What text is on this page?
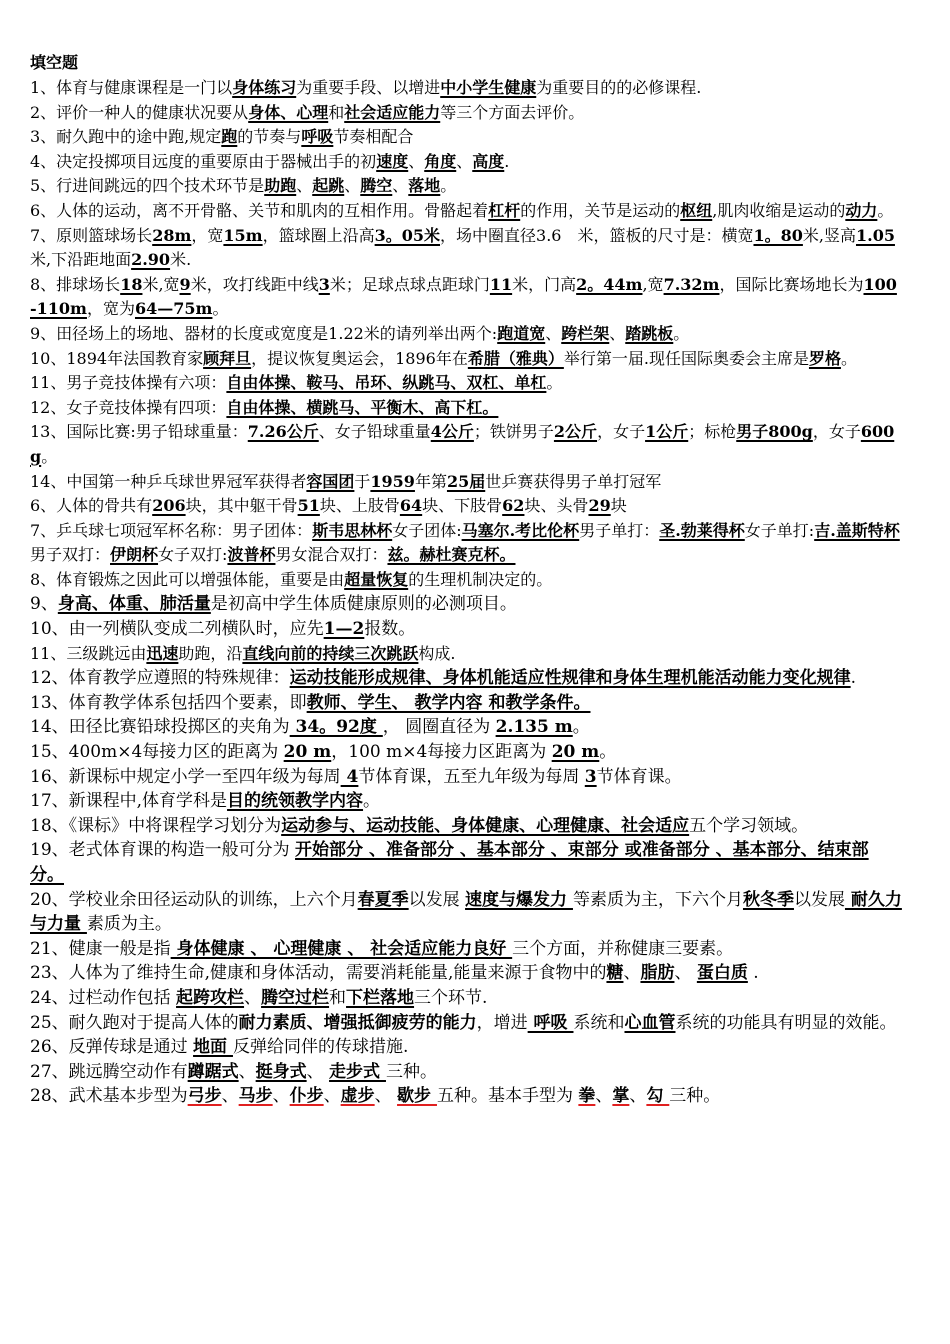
填空题

1、体育与健康课程是一门以身体练习为重要手段、以增进中小学生健康为重要目的的必修课程.

2、评价一种人的健康状况要从身体、心理和社会适应能力等三个方面去评价。

3、耐久跑中的途中跑,规定跑的节奏与呼吸节奏相配合

4、决定投掷项目远度的重要原由于器械出手的初速度、角度、高度.

5、行进间跳远的四个技术环节是助跑、起跳、腾空、落地。

6、人体的运动，离不开骨骼、关节和肌肉的互相作用。骨骼起着杠杆的作用，关节是运动的枢纽,肌肉收缩是运动的动力。

7、原则篮球场长28m，宽15m，篮球圈上沿高3。05米，场中圈直径3.6　米，篮板的尺寸是：横宽1。80米,竖高1.05米,下沿距地面2.90米.

8、排球场长18米,宽9米，攻打线距中线3米；足球点球点距球门11米，门高2。44m,宽7.32m，国际比赛场地长为100-110m，宽为64—75m。

9、田径场上的场地、器材的长度或宽度是1.22米的请列举出两个:跑道宽、跨栏架、踏跳板。

10、1894年法国教育家顾拜旦，提议恢复奥运会，1896年在希腊（雅典）举行第一届.现任国际奥委会主席是罗格。

11、男子竞技体操有六项：自由体操、鞍马、吊环、纵跳马、双杠、单杠。

12、女子竞技体操有四项：自由体操、横跳马、平衡木、高下杠。

13、国际比赛:男子铅球重量：7.26公斤、女子铅球重量4公斤；铁饼男子2公斤，女子1公斤；标枪男子800g，女子600g。

14、中国第一种乒乓球世界冠军获得者容国团于1959年第25届世乒赛获得男子单打冠军

6、人体的骨共有206块，其中躯干骨51块、上肢骨64块、下肢骨62块、头骨29块

7、乒乓球七项冠军杯名称：男子团体：斯韦思林杯女子团体:马塞尔.考比伦杯男子单打：圣.勃莱得杯女子单打:吉.盖斯特杯男子双打：伊朗杯女子双打:波普杯男女混合双打：兹。赫杜赛克杯。

8、体育锻炼之因此可以增强体能，重要是由超量恢复的生理机制决定的。

9、身高、体重、肺活量是初高中学生体质健康原则的必测项目。

10、由一列横队变成二列横队时，应先1—2报数。

11、三级跳远由迅速助跑，沿直线向前的持续三次跳跃构成.

12、体育教学应遵照的特殊规律：运动技能形成规律、身体机能适应性规律和身体生理机能活动能力变化规律.

13、体育教学体系包括四个要素，即教师、学生、 教学内容 和教学条件。

14、田径比赛铅球投掷区的夹角为 34。92度 ， 圆圈直径为 2.135 m。

15、400m×4每接力区的距离为 20 m，100 m×4每接力区距离为 20 m。

16、新课标中规定小学一至四年级为每周 4节体育课，五至九年级为每周 3节体育课。

17、新课程中,体育学科是目的统领教学内容。

18、《课标》中将课程学习划分为运动参与、运动技能、身体健康、心理健康、社会适应五个学习领域。

19、老式体育课的构造一般可分为 开始部分 、准备部分 、基本部分 、束部分 或准备部分 、基本部分、结束部分。

20、学校业余田径运动队的训练，上六个月春夏季以发展 速度与爆发力 等素质为主，下六个月秋冬季以发展 耐久力与力量 素质为主。

21、健康一般是指 身体健康 、 心理健康 、 社会适应能力良好 三个方面，并称健康三要素。

23、人体为了维持生命,健康和身体活动，需要消耗能量,能量来源于食物中的糖、脂肪、 蛋白质 .

24、过栏动作包括 起跨攻栏、腾空过栏和下栏落地三个环节.

25、耐久跑对于提高人体的耐力素质、增强抵御疲劳的能力，增进 呼吸 系统和心血管系统的功能具有明显的效能。

26、反弹传球是通过 地面 反弹给同伴的传球措施.

27、跳远腾空动作有蹲踞式、挺身式、 走步式 三种。

28、武术基本步型为弓步、马步、仆步、虚步、 歇步 五种。基本手型为 拳、掌、勾 三种。
